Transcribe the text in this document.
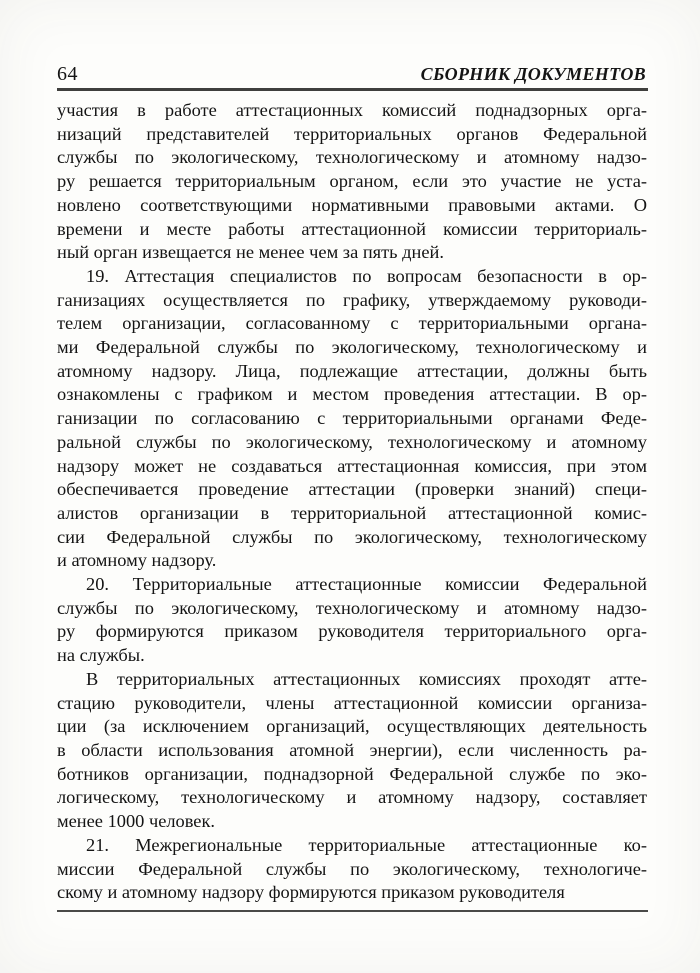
64	СБОРНИК ДОКУМЕНТОВ
участия в работе аттестационных комиссий поднадзорных орга-
низаций представителей территориальных органов Федеральной
службы по экологическому, технологическому и атомному надзо-
ру решается территориальным органом, если это участие не уста-
новлено соответствующими нормативными правовыми актами. О
времени и месте работы аттестационной комиссии территориаль-
ный орган извещается не менее чем за пять дней.
19. Аттестация специалистов по вопросам безопасности в ор-
ганизациях осуществляется по графику, утверждаемому руководи-
телем организации, согласованному с территориальными органа-
ми Федеральной службы по экологическому, технологическому и
атомному надзору. Лица, подлежащие аттестации, должны быть
ознакомлены с графиком и местом проведения аттестации. В ор-
ганизации по согласованию с территориальными органами Феде-
ральной службы по экологическому, технологическому и атомному
надзору может не создаваться аттестационная комиссия, при этом
обеспечивается проведение аттестации (проверки знаний) специ-
алистов организации в территориальной аттестационной комис-
сии Федеральной службы по экологическому, технологическому
и атомному надзору.
20. Территориальные аттестационные комиссии Федеральной
службы по экологическому, технологическому и атомному надзо-
ру формируются приказом руководителя территориального орга-
на службы.
В территориальных аттестационных комиссиях проходят атте-
стацию руководители, члены аттестационной комиссии организа-
ции (за исключением организаций, осуществляющих деятельность
в области использования атомной энергии), если численность ра-
ботников организации, поднадзорной Федеральной службе по эко-
логическому, технологическому и атомному надзору, составляет
менее 1000 человек.
21. Межрегиональные территориальные аттестационные ко-
миссии Федеральной службы по экологическому, технологиче-
скому и атомному надзору формируются приказом руководителя
